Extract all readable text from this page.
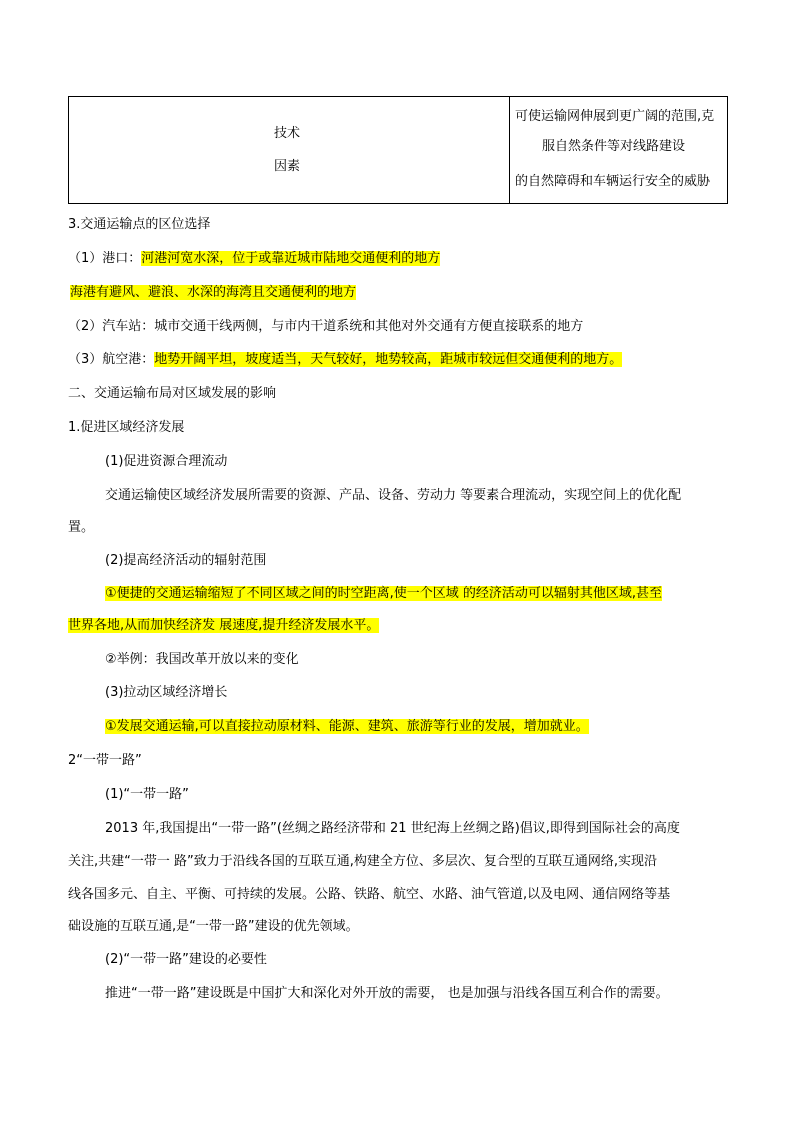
技术
因素
可使运输网伸展到更广阔的范围,克
服自然条件等对线路建设
的自然障碍和车辆运行安全的威胁
3.交通运输点的区位选择
（1）港口：河港河宽水深，位于或靠近城市陆地交通便利的地方
海港有避风、避浪、水深的海湾且交通便利的地方
（2）汽车站：城市交通干线两侧，与市内干道系统和其他对外交通有方便直接联系的地方
（3）航空港：地势开阔平坦，坡度适当，天气较好，地势较高，距城市较远但交通便利的地方。
二、交通运输布局对区域发展的影响
1.促进区域经济发展
(1)促进资源合理流动
交通运输使区域经济发展所需要的资源、产品、设备、劳动力 等要素合理流动，实现空间上的优化配
置。
(2)提高经济活动的辐射范围
①便捷的交通运输缩短了不同区域之间的时空距离,使一个区域 的经济活动可以辐射其他区域,甚至
世界各地,从而加快经济发 展速度,提升经济发展水平。
②举例：我国改革开放以来的变化
(3)拉动区域经济增长
①发展交通运输,可以直接拉动原材料、能源、建筑、旅游等行业的发展，增加就业。
2“一带一路”
(1)“一带一路”
2013 年,我国提出“一带一路”(丝绸之路经济带和 21 世纪海上丝绸之路)倡议,即得到国际社会的高度
关注,共建“一带一 路”致力于沿线各国的互联互通,构建全方位、多层次、复合型的互联互通网络,实现沿
线各国多元、自主、平衡、可持续的发展。公路、铁路、航空、水路、油气管道,以及电网、通信网络等基
础设施的互联互通,是“一带一路”建设的优先领域。
(2)“一带一路”建设的必要性
推进“一带一路”建设既是中国扩大和深化对外开放的需要， 也是加强与沿线各国互利合作的需要。
